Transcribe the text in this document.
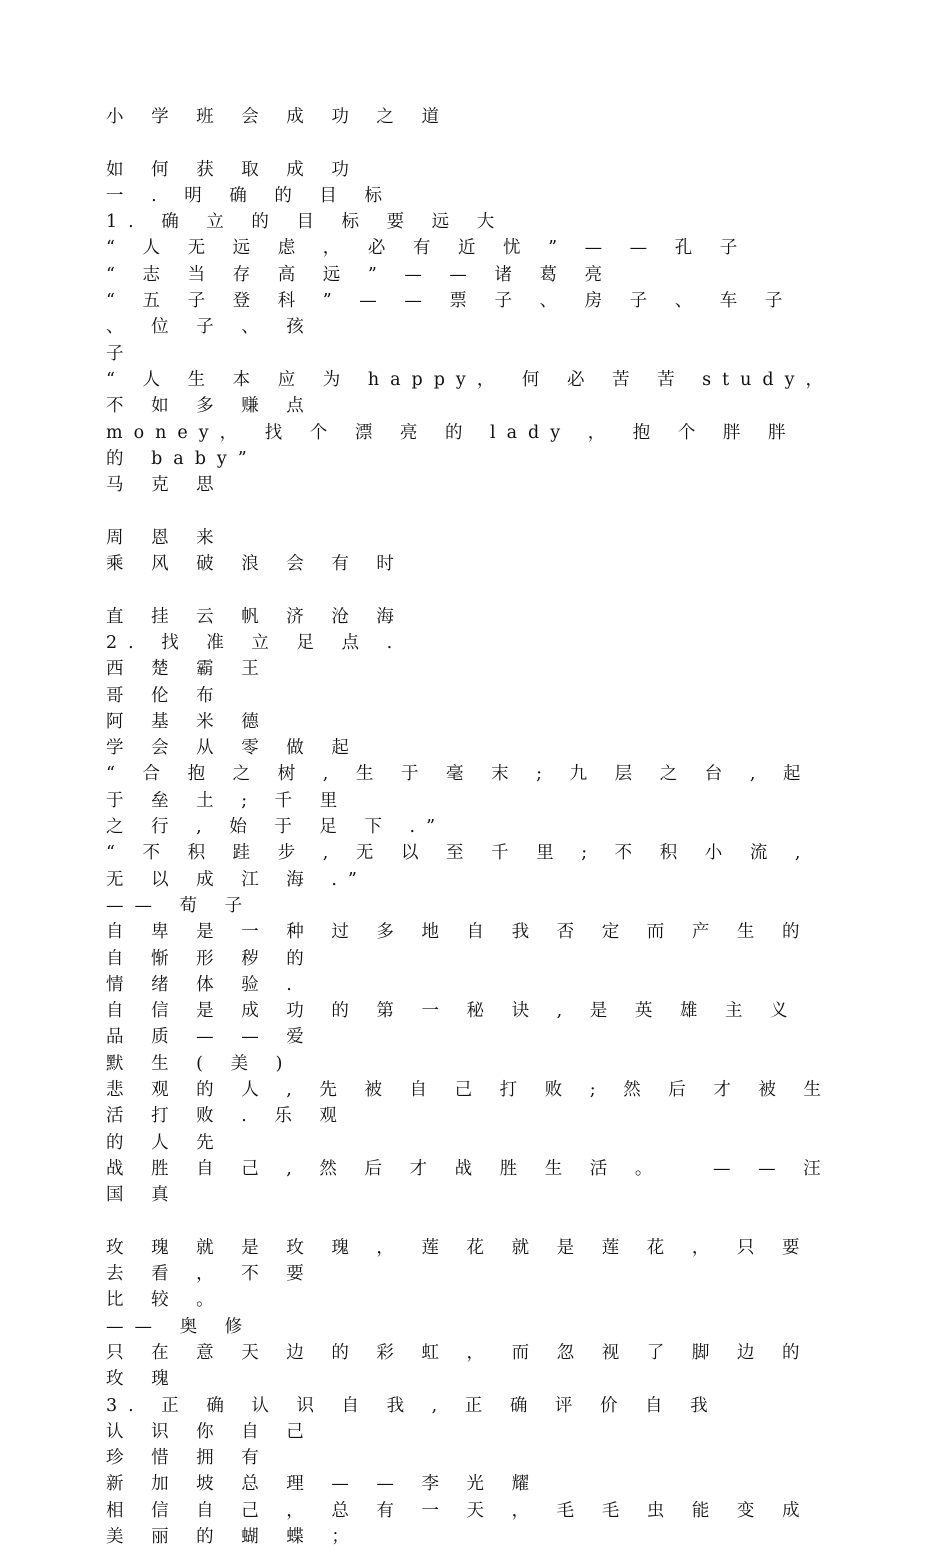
小 学 班 会 成 功 之 道
如 何 获 取 成 功
一 . 明 确 的 目 标
1. 确 立 的 目 标 要 远 大
“ 人 无 远 虑 ， 必 有 近 忧 ” — — 孔 子
“ 志 当 存 高 远 ” — — 诸 葛 亮
“ 五 子 登 科 ” — — 票 子 、 房 子 、 车 子 、 位 子 、 孩
子
“ 人 生 本 应 为 happy， 何 必 苦 苦 study， 不 如 多 赚 点
money， 找 个 漂 亮 的 lady ， 抱 个 胖 胖 的 baby”
马 克 思
周 恩 来
乘 风 破 浪 会 有 时
直 挂 云 帆 济 沧 海
2. 找 准 立 足 点 .
西 楚 霸 王
哥 伦 布
阿 基 米 德
学 会 从 零 做 起
“ 合 抱 之 树 , 生 于 毫 末 ; 九 层 之 台 , 起 于 垒 土 ; 千 里
之 行 , 始 于 足 下 .”
“ 不 积 跬 步 , 无 以 至 千 里 ; 不 积 小 流 , 无 以 成 江 海 .”
—— 荀 子
自 卑 是 一 种 过 多 地 自 我 否 定 而 产 生 的 自 惭 形 秽 的
情 绪 体 验 .
自 信 是 成 功 的 第 一 秘 诀 , 是 英 雄 主 义 品 质 — — 爱
默 生 ( 美 )
悲 观 的 人 , 先 被 自 己 打 败 ; 然 后 才 被 生 活 打 败 . 乐 观
的 人 先
战 胜 自 己 , 然 后 才 战 胜 生 活 。   — — 汪 国 真
玫 瑰 就 是 玫 瑰 ， 莲 花 就 是 莲 花 ， 只 要 去 看 ， 不 要
比 较 。
—— 奥 修
只 在 意 天 边 的 彩 虹 ， 而 忽 视 了 脚 边 的 玫 瑰
3. 正 确 认 识 自 我 , 正 确 评 价 自 我
认 识 你 自 己
珍 惜 拥 有
新 加 坡 总 理 — — 李 光 耀
相 信 自 己 ， 总 有 一 天 ， 毛 毛 虫 能 变 成 美 丽 的 蝴 蝶 ；
